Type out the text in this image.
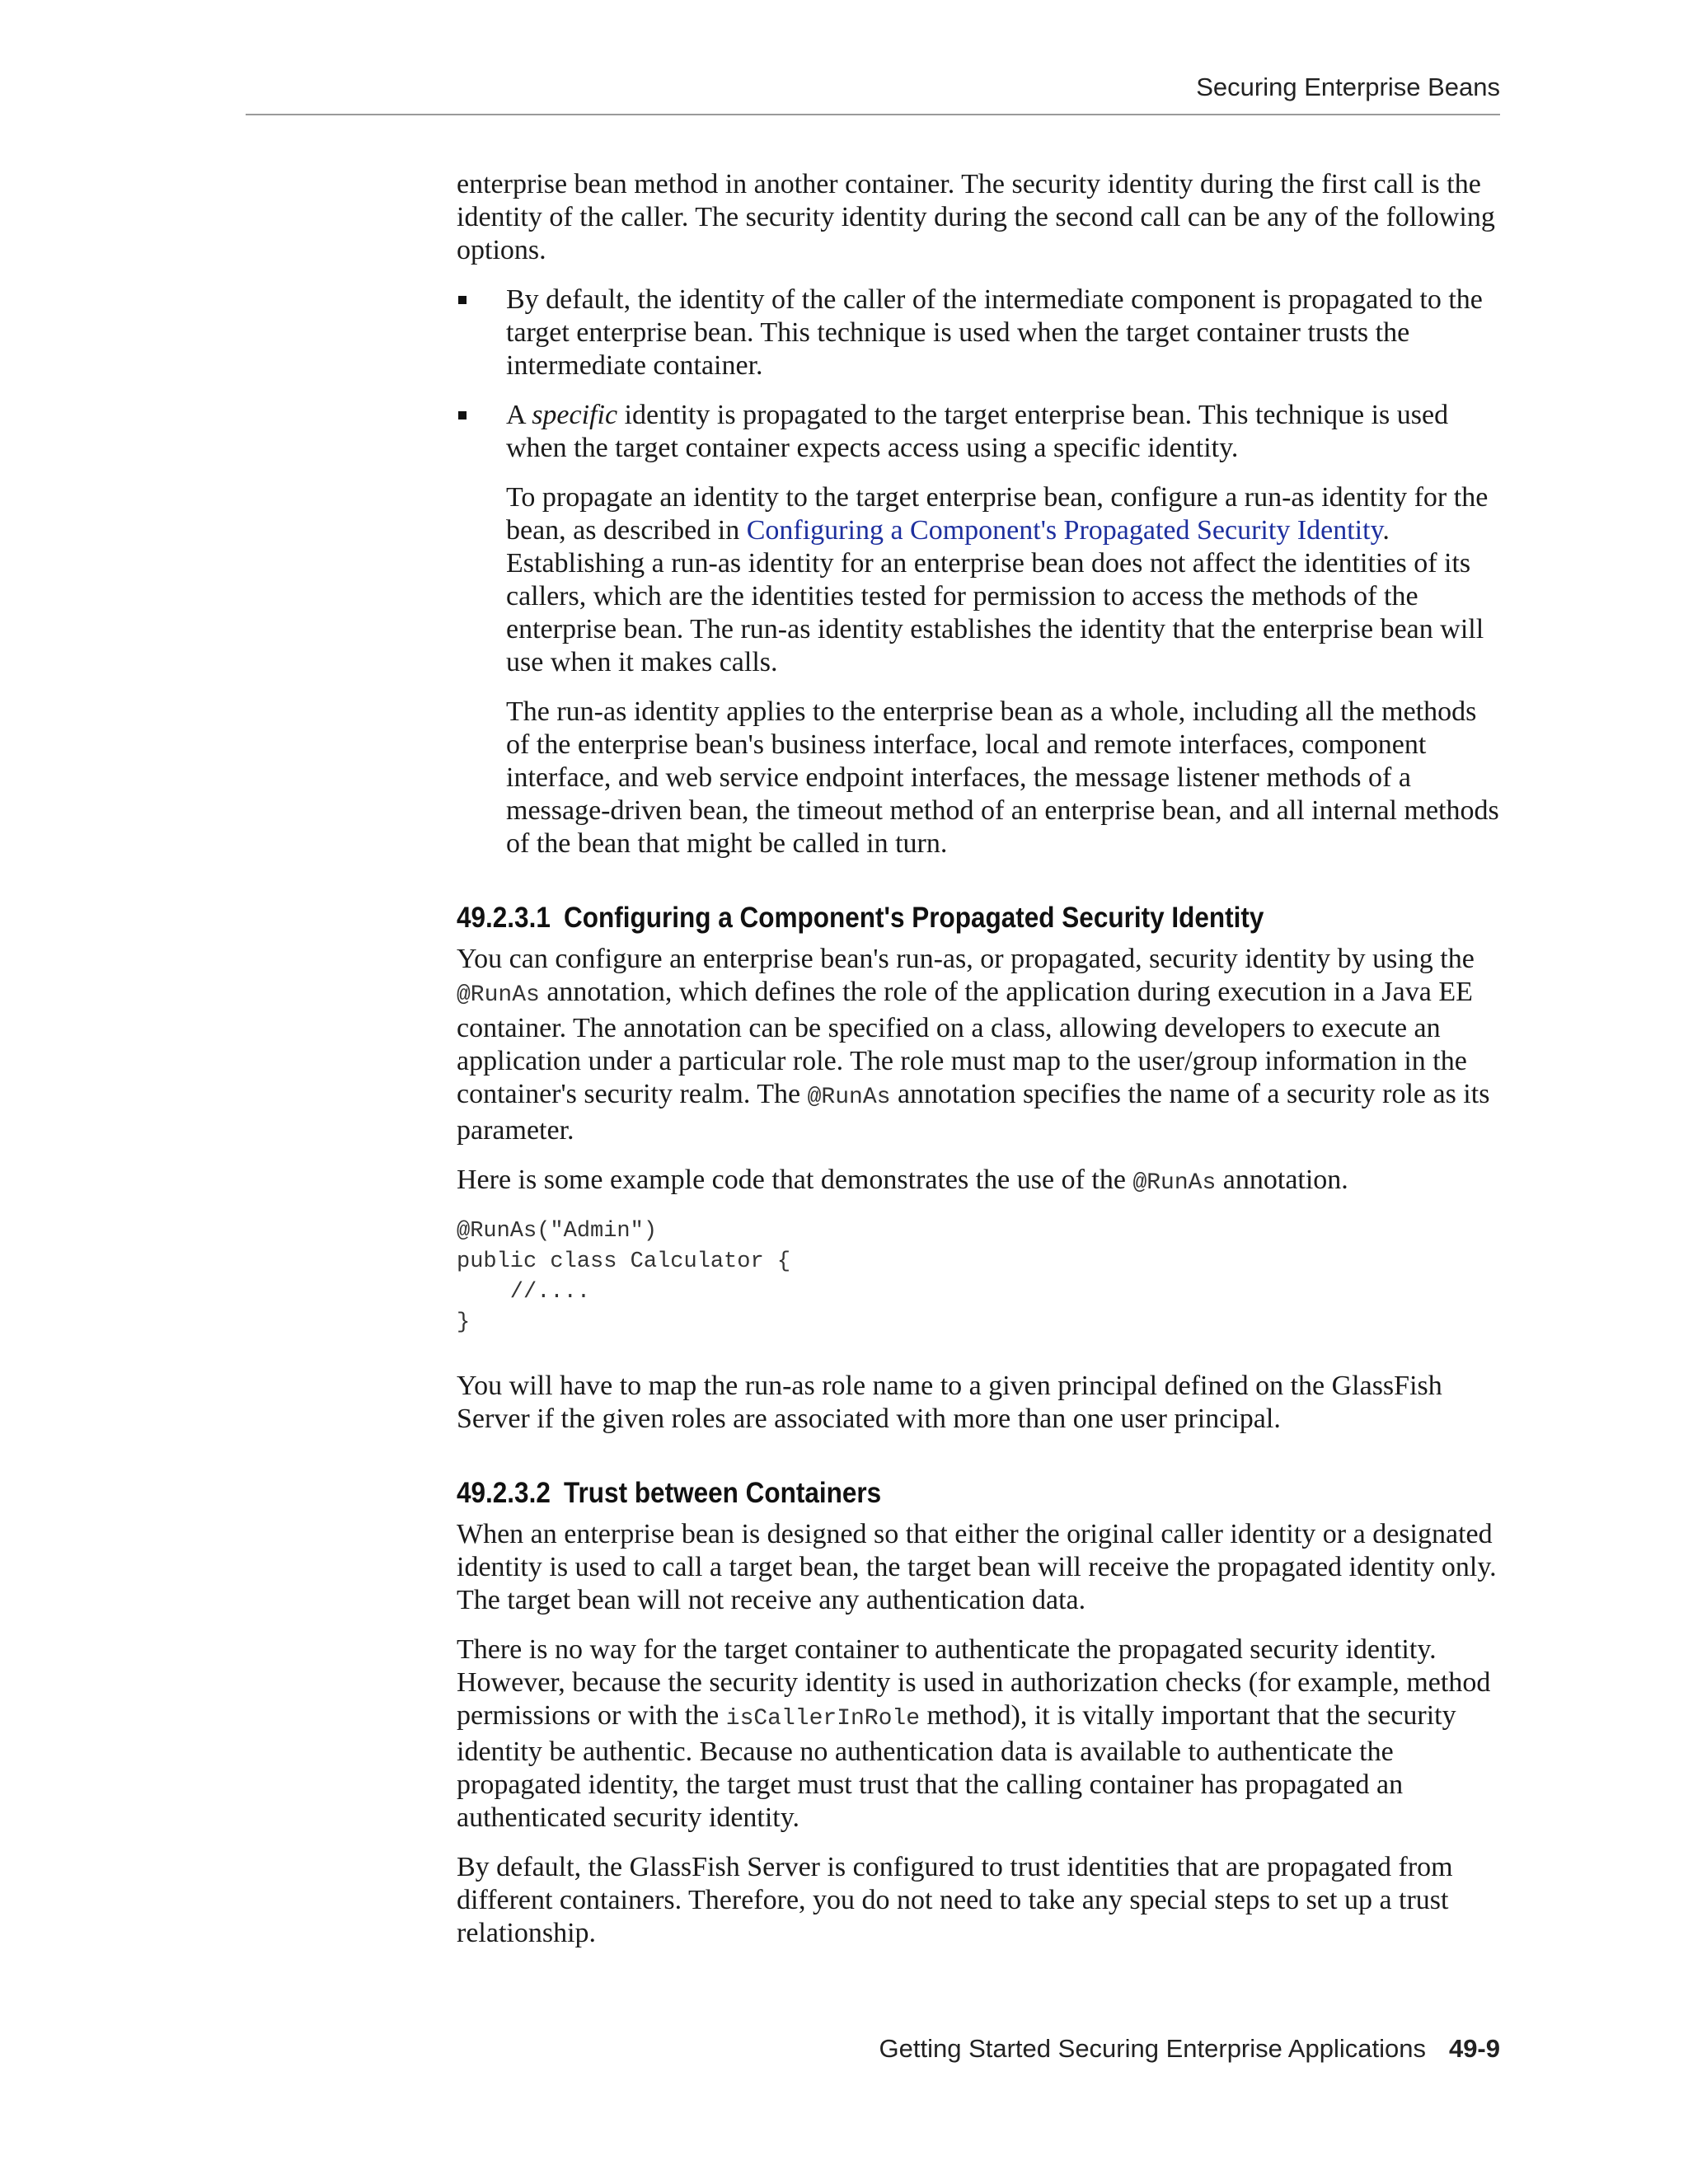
Securing Enterprise Beans

enterprise bean method in another container. The security identity during the first call is the identity of the caller. The security identity during the second call can be any of the following options.

By default, the identity of the caller of the intermediate component is propagated to the target enterprise bean. This technique is used when the target container trusts the intermediate container.

A specific identity is propagated to the target enterprise bean. This technique is used when the target container expects access using a specific identity.

To propagate an identity to the target enterprise bean, configure a run-as identity for the bean, as described in Configuring a Component's Propagated Security Identity. Establishing a run-as identity for an enterprise bean does not affect the identities of its callers, which are the identities tested for permission to access the methods of the enterprise bean. The run-as identity establishes the identity that the enterprise bean will use when it makes calls.

The run-as identity applies to the enterprise bean as a whole, including all the methods of the enterprise bean's business interface, local and remote interfaces, component interface, and web service endpoint interfaces, the message listener methods of a message-driven bean, the timeout method of an enterprise bean, and all internal methods of the bean that might be called in turn.

49.2.3.1 Configuring a Component's Propagated Security Identity

You can configure an enterprise bean's run-as, or propagated, security identity by using the @RunAs annotation, which defines the role of the application during execution in a Java EE container. The annotation can be specified on a class, allowing developers to execute an application under a particular role. The role must map to the user/group information in the container's security realm. The @RunAs annotation specifies the name of a security role as its parameter.

Here is some example code that demonstrates the use of the @RunAs annotation.

@RunAs("Admin")
public class Calculator {
//....
}

You will have to map the run-as role name to a given principal defined on the GlassFish Server if the given roles are associated with more than one user principal.

49.2.3.2 Trust between Containers

When an enterprise bean is designed so that either the original caller identity or a designated identity is used to call a target bean, the target bean will receive the propagated identity only. The target bean will not receive any authentication data.

There is no way for the target container to authenticate the propagated security identity. However, because the security identity is used in authorization checks (for example, method permissions or with the isCallerInRole method), it is vitally important that the security identity be authentic. Because no authentication data is available to authenticate the propagated identity, the target must trust that the calling container has propagated an authenticated security identity.

By default, the GlassFish Server is configured to trust identities that are propagated from different containers. Therefore, you do not need to take any special steps to set up a trust relationship.

Getting Started Securing Enterprise Applications 49-9
